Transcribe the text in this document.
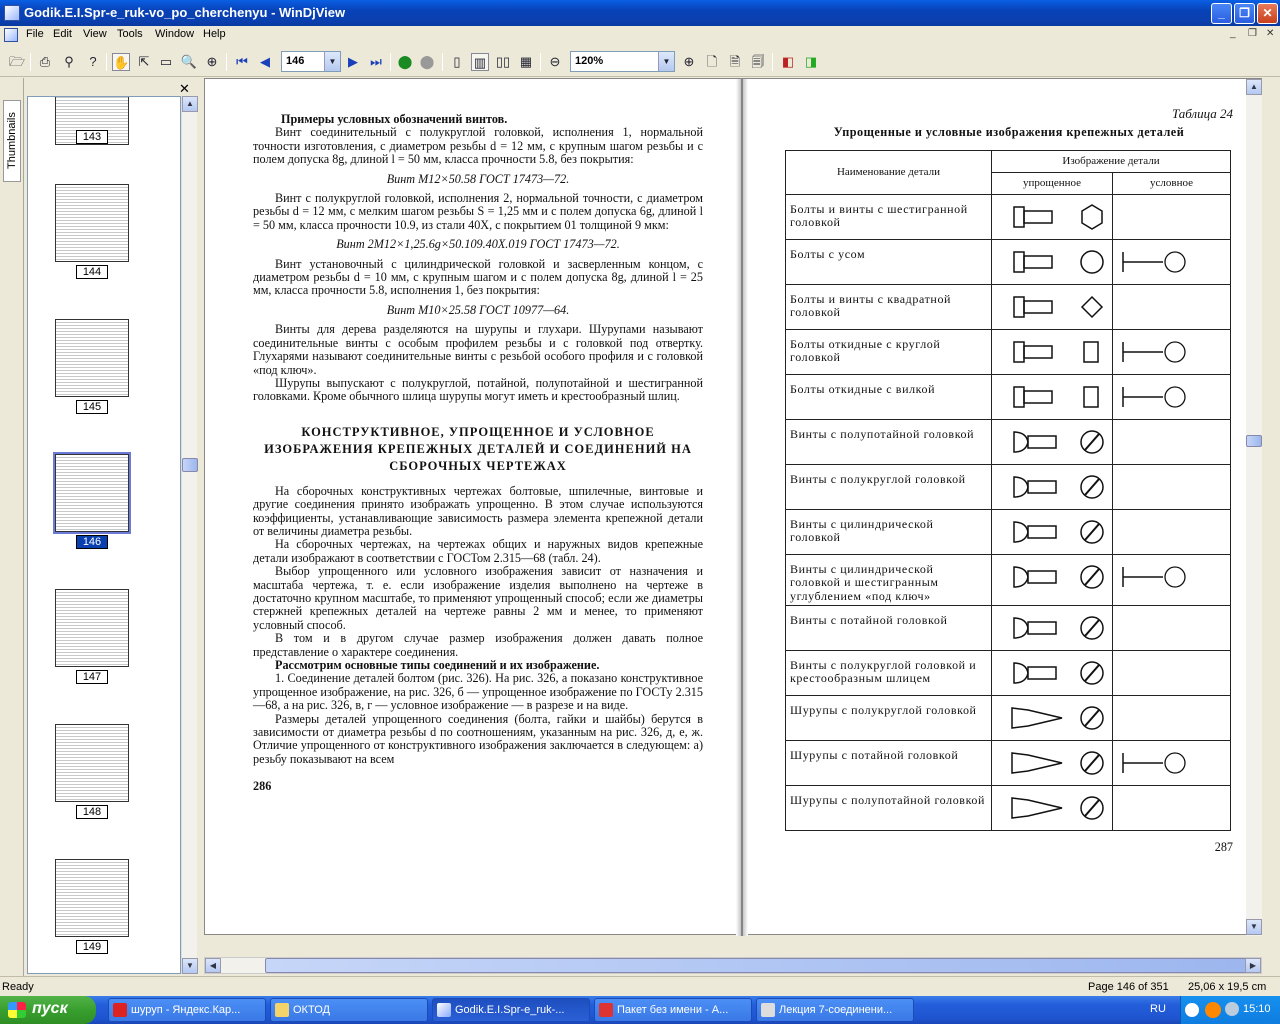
Godik.E.I.Spr-e_ruk-vo_po_cherchenyu - WinDjView	_	❐	✕
File Edit View Tools Window Help	_ ❐ ✕
🗁 ⎙	⚲	?	✋ ⇱ ▭ 🔍 ⊕ ⏮ ◀	146	▼ ▶ ⏭ ⬤ ⬤	▯	▥ ▯▯ ▦ ⊖	120%	▼ ⊕ 🗋 🗎 🗐 ◧ ◨
Thumbnails
✕
143
144
145
146
147
148
149
▲
▼

Примеры условных обозначений винтов.

Винт соединительный с полукруглой головкой, исполнения 1, нормальной точности изготовления, с диаметром резьбы d = 12 мм, с крупным шагом резьбы и с полем допуска 8g, длиной l = 50 мм, класса прочности 5.8, без покрытия:

Винт М12×50.58 ГОСТ 17473—72.

Винт с полукруглой головкой, исполнения 2, нормальной точности, с диаметром резьбы d = 12 мм, с мелким шагом резьбы S = 1,25 мм и с полем допуска 6g, длиной l = 50 мм, класса прочности 10.9, из стали 40Х, с покрытием 01 толщиной 9 мкм:

Винт 2М12×1,25.6g×50.109.40Х.019 ГОСТ 17473—72.

Винт установочный с цилиндрической головкой и засверленным концом, с диаметром резьбы d = 10 мм, с крупным шагом и с полем допуска 8g, длиной l = 25 мм, класса прочности 5.8, исполнения 1, без покрытия:

Винт М10×25.58 ГОСТ 10977—64.

Винты для дерева разделяются на шурупы и глухари. Шурупами называют соединительные винты с особым профилем резьбы и с головкой под отвертку. Глухарями называют соединительные винты с резьбой особого профиля и с головкой «под ключ».

Шурупы выпускают с полукруглой, потайной, полупотайной и шестигранной головками. Кроме обычного шлица шурупы могут иметь и крестообразный шлиц.

КОНСТРУКТИВНОЕ, УПРОЩЕННОЕ И УСЛОВНОЕ ИЗОБРАЖЕНИЯ КРЕПЕЖНЫХ ДЕТАЛЕЙ И СОЕДИНЕНИЙ НА СБОРОЧНЫХ ЧЕРТЕЖАХ

На сборочных конструктивных чертежах болтовые, шпилечные, винтовые и другие соединения принято изображать упрощенно. В этом случае используются коэффициенты, устанавливающие зависимость размера элемента крепежной детали от величины диаметра резьбы.

На сборочных чертежах, на чертежах общих и наружных видов крепежные детали изображают в соответствии с ГОСТом 2.315—68 (табл. 24).

Выбор упрощенного или условного изображения зависит от назначения и масштаба чертежа, т. е. если изображение изделия выполнено на чертеже в достаточно крупном масштабе, то применяют упрощенный способ; если же диаметры стержней крепежных деталей на чертеже равны 2 мм и менее, то применяют условный способ.

В том и в другом случае размер изображения должен давать полное представление о характере соединения.

Рассмотрим основные типы соединений и их изображение.

1. Соединение деталей болтом (рис. 326). На рис. 326, а показано конструктивное упрощенное изображение, на рис. 326, б — упрощенное изображение по ГОСТу 2.315—68, а на рис. 326, в, г — условное изображение — в разрезе и на виде.

Размеры деталей упрощенного соединения (болта, гайки и шайбы) берутся в зависимости от диаметра резьбы d по соотношениям, указанным на рис. 326, д, е, ж. Отличие упрощенного от конструктивного изображения заключается в следующем: а) резьбу показывают на всем

286

Таблица 24

Упрощенные и условные изображения крепежных деталей

Наименование детали	Изображение детали	
	упрощенное	условное
Болты и винты с шестигранной головкой	

Болты с усом	

Болты и винты с квадратной головкой	

Болты откидные с круглой головкой	

Болты откидные с вилкой	

Винты с полупотайной головкой	

Винты с полукруглой головкой	

Винты с цилиндрической головкой	

Винты с цилиндрической головкой и шестигранным углублением «под ключ»	

Винты с потайной головкой	

Винты с полукруглой головкой и крестообразным шлицем	

Шурупы с полукруглой головкой	

Шурупы с потайной головкой	

Шурупы с полупотайной головкой	

287

▲
▼
◀	▶
Ready	Page 146 of 351 25,06 x 19,5 cm
пуск	шуруп - Яндекс.Кар...	ОКТОД	Godik.E.I.Spr-e_ruk-...	Пакет без имени - А...	Лекция 7-соединени...	RU	15:10
